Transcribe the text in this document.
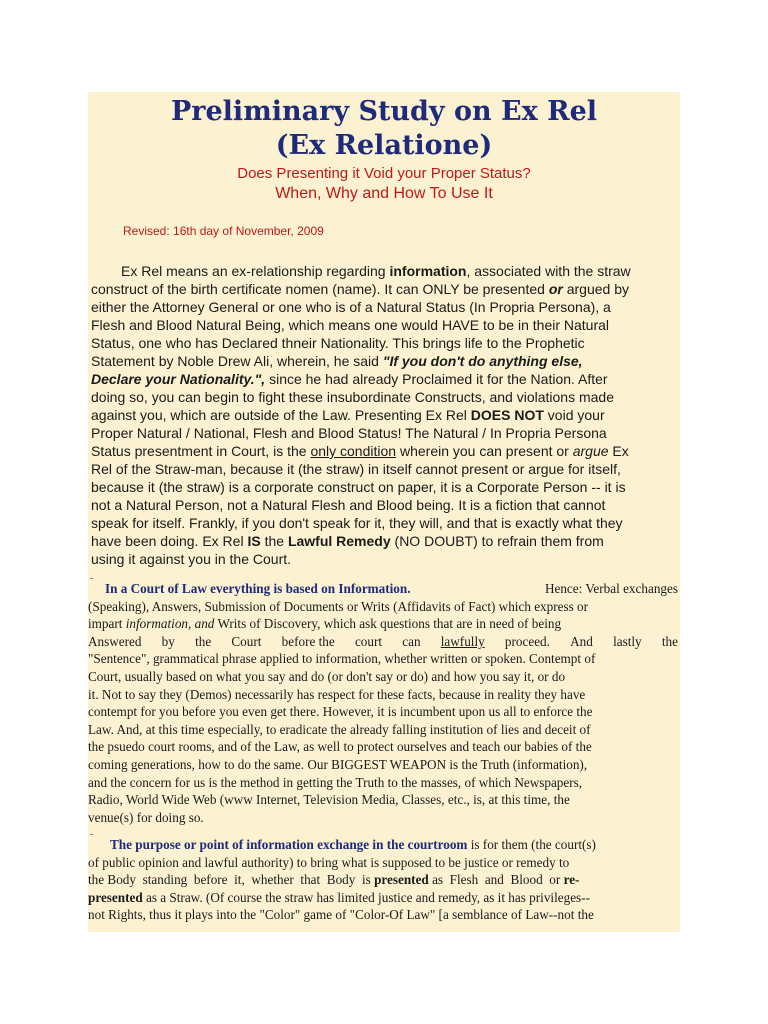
Preliminary Study on Ex Rel
(Ex Relatione)

Does Presenting it Void your Proper Status?

When, Why and How To Use It

Revised: 16th day of November, 2009

Ex Rel means an ex-relationship regarding information, associated with the straw
construct of the birth certificate nomen (name). It can ONLY be presented or argued by
either the Attorney General or one who is of a Natural Status (In Propria Persona), a
Flesh and Blood Natural Being, which means one would HAVE to be in their Natural
Status, one who has Declared thneir Nationality. This brings life to the Prophetic
Statement by Noble Drew Ali, wherein, he said "If you don't do anything else,
Declare your Nationality.", since he had already Proclaimed it for the Nation. After
doing so, you can begin to fight these insubordinate Constructs, and violations made
against you, which are outside of the Law. Presenting Ex Rel DOES NOT void your
Proper Natural / National, Flesh and Blood Status! The Natural / In Propria Persona
Status presentment in Court, is the only condition wherein you can present or argue Ex
Rel of the Straw-man, because it (the straw) in itself cannot present or argue for itself,
because it (the straw) is a corporate construct on paper, it is a Corporate Person -- it is
not a Natural Person, not a Natural Flesh and Blood being. It is a fiction that cannot
speak for itself. Frankly, if you don't speak for it, they will, and that is exactly what they
have been doing. Ex Rel IS the Lawful Remedy (NO DOUBT) to refrain them from
using it against you in the Court.
In a Court of Law everything is based on Information.	Hence: Verbal exchanges
(Speaking), Answers, Submission of Documents or Writs (Affidavits of Fact) which express or
impart information, and Writs of Discovery, which ask questions that are in need of being
Answered by the Court before the court can lawfully proceed. And lastly the
"Sentence", grammatical phrase applied to information, whether written or spoken. Contempt of
Court, usually based on what you say and do (or don't say or do) and how you say it, or do
it. Not to say they (Demos) necessarily has respect for these facts, because in reality they have
contempt for you before you even get there. However, it is incumbent upon us all to enforce the
Law. And, at this time especially, to eradicate the already falling institution of lies and deceit of
the psuedo court rooms, and of the Law, as well to protect ourselves and teach our babies of the
coming generations, how to do the same. Our BIGGEST WEAPON is the Truth (information),
and the concern for us is the method in getting the Truth to the masses, of which Newspapers,
Radio, World Wide Web (www Internet, Television Media, Classes, etc., is, at this time, the
venue(s) for doing so.
The purpose or point of information exchange in the courtroom is for them (the court(s)
of public opinion and lawful authority) to bring what is supposed to be justice or remedy to
the Body  standing  before  it,  whether  that  Body  is presented as  Flesh  and  Blood  or re-
presented as a Straw. (Of course the straw has limited justice and remedy, as it has privileges--
not Rights, thus it plays into the "Color" game of "Color-Of Law" [a semblance of Law--not the
